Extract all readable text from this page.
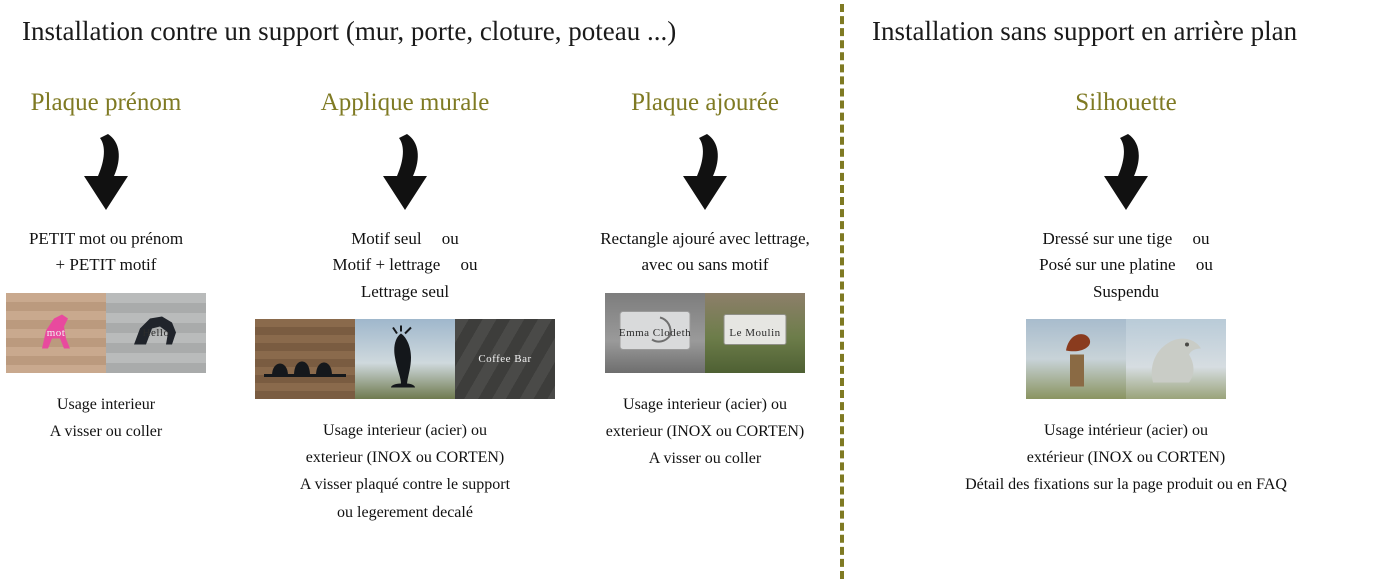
Installation contre un support (mur, porte, cloture, poteau ...)	Installation sans support en arrière plan
Plaque prénom
PETIT mot ou prénom
+ PETIT motif
mot	Hello
Usage interieur
A visser ou coller
Applique murale
Motif seul ou
Motif + lettrage ou
Lettrage seul
Coffee Bar
Usage interieur (acier) ou
exterieur (INOX ou CORTEN)
A visser plaqué contre le support
ou legerement decalé
Plaque ajourée
Rectangle ajouré avec lettrage,
avec ou sans motif
Emma Clodeth	Le Moulin
Usage interieur (acier) ou
exterieur (INOX ou CORTEN)
A visser ou coller
Silhouette
Dressé sur une tige ou
Posé sur une platine ou
Suspendu
Usage intérieur (acier) ou
extérieur (INOX ou CORTEN)
Détail des fixations sur la page produit ou en FAQ
